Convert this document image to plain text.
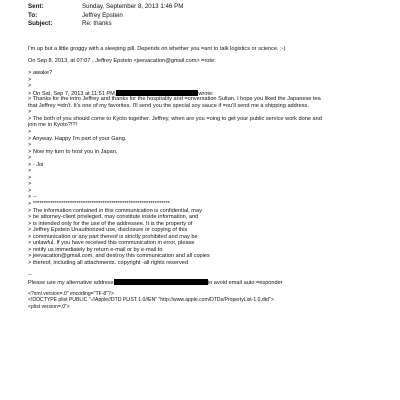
Sent:	Sunday, September 8, 2013 1:46 PM
To:	Jeffrey Epstein
Subject:	Re: thanks
I'm up but a little groggy with a sleeping pill. Depends on whether you =ant to talk logistics or science. ;-)
On Sep 8, 2013, at 07:07 , Jeffrey Epstein <jeevacation@gmail.com> =rote:
> awake?
>
>
> On Sat, Sep 7, 2013 at 11:51 PM,	wrote:
> Thanks for the intro Jeffrey and thanks for the hospitality and =onversation Sultan. I hope you liked the Japanese tea
that Jeffrey =idn't. It's one of my favorites. I'll send you the special soy sauce if =ou'll send me a shipping address.
>
> The both of you should come to Kyoto together. Jeffrey, when are you =oing to get your public service work done and
join me in Kyoto?!?!
>
> Anyway. Happy I'm part of your Gang.
>
> Now my turn to host you in Japan.
>
> - Joi
>
>
>
>
> --
> ***************************************************************
> The information contained in this communication is confidential, may
> be attorney-client privileged, may constitute inside information, and
> is intended only for the use of the addressee. It is the property of
> Jeffrey Epstein Unauthorized use, disclosure or copying of this
> communication or any part thereof is strictly prohibited and may be
> unlawful. If you have received this communication in error, please
> notify us immediately by return e-mail or by e-mail to
> jeevacation@gmail.com, and destroy this communication and all copies
> thereof, including all attachments. copyright -all rights reserved
--
Please use my alternative address	to avoid email auto =esponder
<?xml version=.0" encoding="TF-8"?>
<!DOCTYPE plist PUBLIC "-//Apple//DTD PLIST 1.0//EN" "http://www.apple.com/DTDs/PropertyList-1.0.dtd">
<plist version=.0">
